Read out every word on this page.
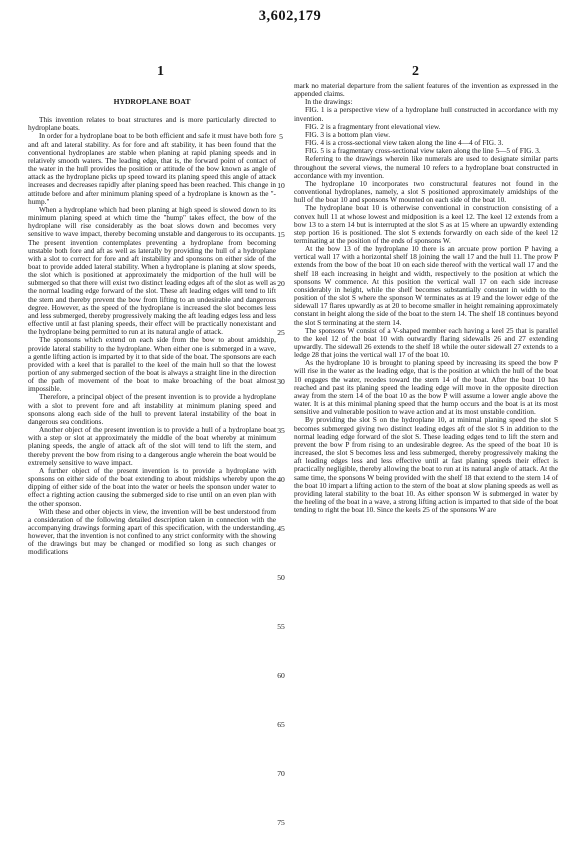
3,602,179
1	2

HYDROPLANE BOAT

This invention relates to boat structures and is more particularly directed to hydroplane boats.

In order for a hydroplane boat to be both efficient and safe it must have both fore and aft and lateral stability. As for fore and aft stability, it has been found that the conventional hydroplanes are stable when planing at rapid planing speeds and in relatively smooth waters. The leading edge, that is, the forward point of contact of the water in the hull provides the position or attitude of the bow known as angle of attack as the hydroplane picks up speed toward its planing speed this angle of attack increases and decreases rapidly after planing speed has been reached. This change in attitude before and after minimum planing speed of a hydroplane is known as the "-hump."

When a hydroplane which had been planing at high speed is slowed down to its minimum planing speed at which time the "hump" takes effect, the bow of the hydroplane will rise considerably as the boat slows down and becomes very sensitive to wave impact, thereby becoming unstable and dangerous to its occupants. The present invention contemplates preventing a hydroplane from becoming unstable both fore and aft as well as laterally by providing the hull of a hydroplane with a slot to correct for fore and aft instability and sponsons on either side of the boat to provide added lateral stability. When a hydroplane is planing at slow speeds, the slot which is positioned at approximately the midportion of the hull will be submerged so that there will exist two distinct leading edges aft of the slot as well as the normal leading edge forward of the slot. These aft leading edges will tend to lift the stern and thereby prevent the bow from lifting to an undesirable and dangerous degree. However, as the speed of the hydroplane is increased the slot becomes less and less submerged, thereby progressively making the aft leading edges less and less effective until at fast planing speeds, their effect will be practically nonexistant and the hydroplane being permitted to run at its natural angle of attack.

The sponsons which extend on each side from the bow to about amidship, provide lateral stability to the hydroplane. When either one is submerged in a wave, a gentle lifting action is imparted by it to that side of the boat. The sponsons are each provided with a keel that is parallel to the keel of the main hull so that the lowest portion of any submerged section of the boat is always a straight line in the direction of the path of movement of the boat to make broaching of the boat almost impossible.

Therefore, a principal object of the present invention is to provide a hydroplane with a slot to prevent fore and aft instability at minimum planing speed and sponsons along each side of the hull to prevent lateral instability of the boat in dangerous sea conditions.

Another object of the present invention is to provide a hull of a hydroplane boat with a step or slot at approximately the middle of the boat whereby at minimum planing speeds, the angle of attack aft of the slot will tend to lift the stern, and thereby prevent the bow from rising to a dangerous angle wherein the boat would be extremely sensitive to wave impact.

A further object of the present invention is to provide a hydroplane with sponsons on either side of the boat extending to about midships whereby upon the dipping of either side of the boat into the water or heels the sponson under water to effect a righting action causing the submerged side to rise until on an even plan with the other sponson.

With these and other objects in view, the invention will be best understood from a consideration of the following detailed description taken in connection with the accompanying drawings forming apart of this specification, with the understanding, however, that the invention is not confined to any strict conformity with the showing of the drawings but may be changed or modified so long as such changes or modifications

mark no material departure from the salient features of the invention as expressed in the appended claims.

In the drawings:

FIG. 1 is a perspective view of a hydroplane hull constructed in accordance with my invention.

FIG. 2 is a fragmentary front elevational view.

FIG. 3 is a bottom plan view.

FIG. 4 is a cross-sectional view taken along the line 4—4 of FIG. 3.

FIG. 5 is a fragmentary cross-sectional view taken along the line 5—5 of FIG. 3.

Referring to the drawings wherein like numerals are used to designate similar parts throughout the several views, the numeral 10 refers to a hydroplane boat constructed in accordance with my invention.

The hydroplane 10 incorporates two constructural features not found in the conventional hydroplanes, namely, a slot S positioned approximately amidships of the hull of the boat 10 and sponsons W mounted on each side of the boat 10.

The hydroplane boat 10 is otherwise conventional in construction consisting of a convex hull 11 at whose lowest and midposition is a keel 12. The keel 12 extends from a bow 13 to a stern 14 but is interrupted at the slot S as at 15 where an upwardly extending step portion 16 is positioned. The slot S extends forwardly on each side of the keel 12 terminating at the position of the ends of sponsons W.

At the bow 13 of the hydroplane 10 there is an arcuate prow portion P having a vertical wall 17 with a horizontal shelf 18 joining the wall 17 and the hull 11. The prow P extends from the bow of the boat 10 on each side thereof with the vertical wall 17 and the shelf 18 each increasing in height and width, respectively to the position at which the sponsons W commence. At this position the vertical wall 17 on each side increase considerably in height, while the shelf becomes substantially constant in width to the position of the slot S where the sponson W terminates as at 19 and the lower edge of the sidewall 17 flares upwardly as at 20 to become smaller in height remaining approximately constant in height along the side of the boat to the stern 14. The shelf 18 continues beyond the slot S terminating at the stern 14.

The sponsons W consist of a V-shaped member each having a keel 25 that is parallel to the keel 12 of the boat 10 with outwardly flaring sidewalls 26 and 27 extending upwardly. The sidewall 26 extends to the shelf 18 while the outer sidewall 27 extends to a ledge 28 that joins the vertical wall 17 of the boat 10.

As the hydroplane 10 is brought to planing speed by increasing its speed the bow P will rise in the water as the leading edge, that is the position at which the hull of the boat 10 engages the water, recedes toward the stern 14 of the boat. After the boat 10 has reached and past its planing speed the leading edge will move in the opposite direction away from the stern 14 of the boat 10 as the bow P will assume a lower angle above the water. It is at this minimal planing speed that the hump occurs and the boat is at its most sensitive and vulnerable position to wave action and at its most unstable condition.

By providing the slot S on the hydroplane 10, at minimal planing speed the slot S becomes submerged giving two distinct leading edges aft of the slot S in addition to the normal leading edge forward of the slot S. These leading edges tend to lift the stern and prevent the bow P from rising to an undesirable degree. As the speed of the boat 10 is increased, the slot S becomes less and less submerged, thereby progressively making the aft leading edges less and less effective until at fast planing speeds their effect is practically negligible, thereby allowing the boat to run at its natural angle of attack. At the same time, the sponsons W being provided with the shelf 18 that extend to the stern 14 of the boat 10 impart a lifting action to the stern of the boat at slow planing speeds as well as providing lateral stability to the boat 10. As either sponson W is submerged in water by the heeling of the boat in a wave, a strong lifting action is imparted to that side of the boat tending to right the boat 10. Since the keels 25 of the sponsons W are

5
10
15
20
25
30
35
40
45
50
55
60
65
70
75
